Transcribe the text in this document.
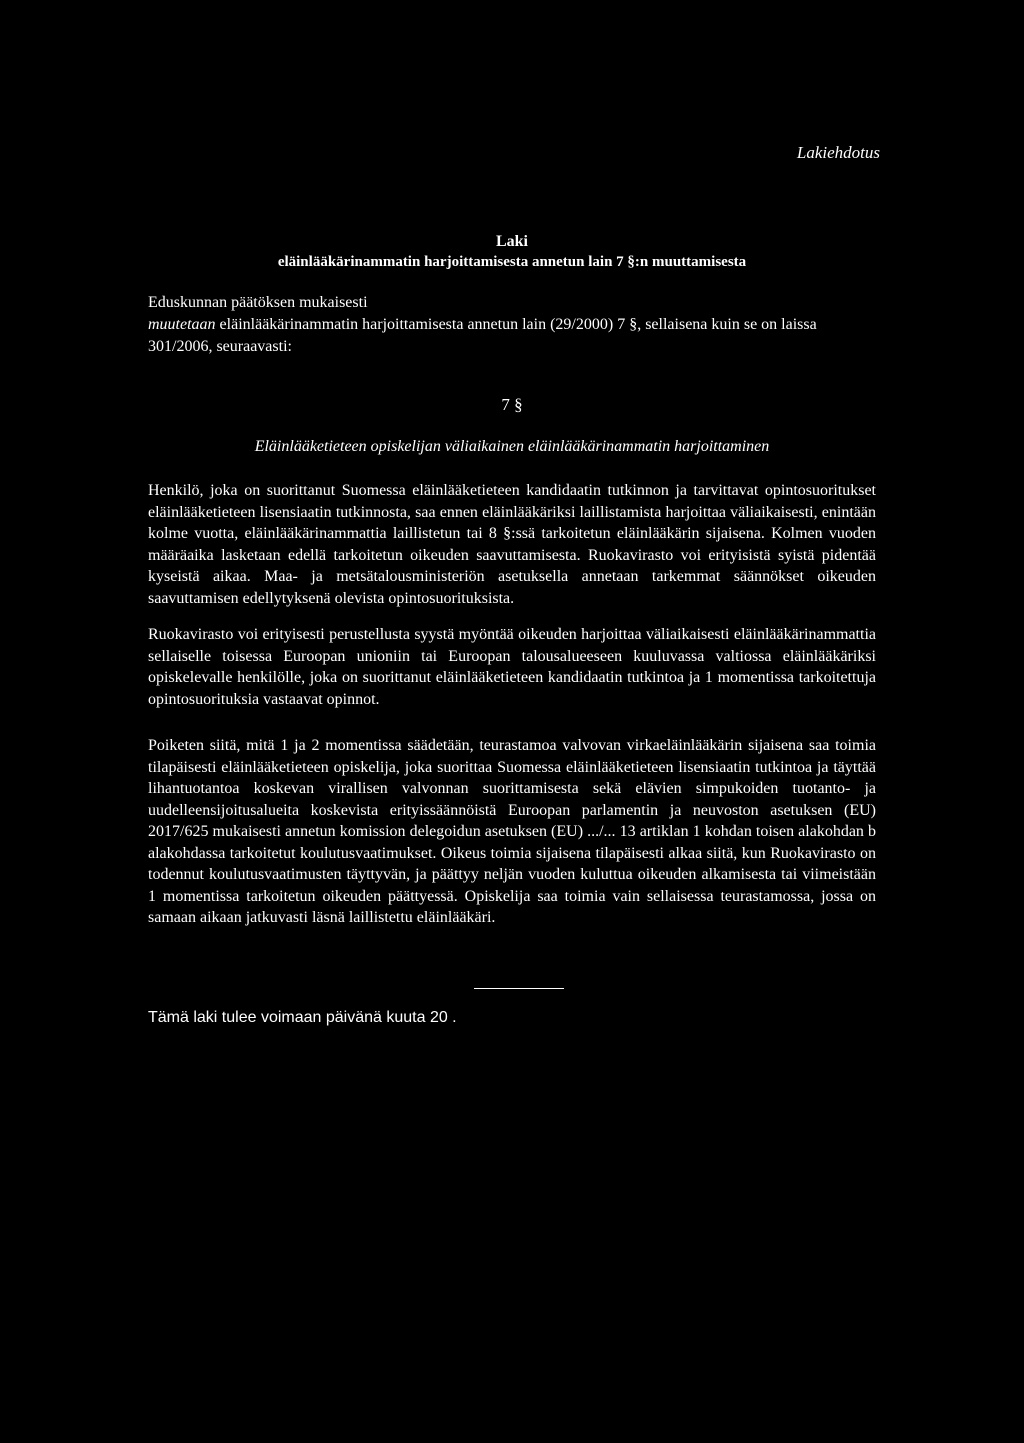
Lakiehdotus
Laki
eläinlääkärinammatin harjoittamisesta annetun lain 7 §:n muuttamisesta
Eduskunnan päätöksen mukaisesti
muutetaan eläinlääkärinammatin harjoittamisesta annetun lain (29/2000) 7 §, sellaisena kuin se on laissa 301/2006, seuraavasti:
7 §
Eläinlääketieteen opiskelijan väliaikainen eläinlääkärinammatin harjoittaminen

Henkilö, joka on suorittanut Suomessa eläinlääketieteen kandidaatin tutkinnon ja tarvittavat opintosuoritukset eläinlääketieteen lisensiaatin tutkinnosta, saa ennen eläinlääkäriksi laillistamista harjoittaa väliaikaisesti, enintään kolme vuotta, eläinlääkärinammattia laillistetun tai 8 §:ssä tarkoitetun eläinlääkärin sijaisena. Kolmen vuoden määräaika lasketaan edellä tarkoitetun oikeuden saavuttamisesta. Ruokavirasto voi erityisistä syistä pidentää kyseistä aikaa. Maa- ja metsätalousministeriön asetuksella annetaan tarkemmat säännökset oikeuden saavuttamisen edellytyksenä olevista opintosuorituksista.

Ruokavirasto voi erityisesti perustellusta syystä myöntää oikeuden harjoittaa väliaikaisesti eläinlääkärinammattia sellaiselle toisessa Euroopan unioniin tai Euroopan talousalueeseen kuuluvassa valtiossa eläinlääkäriksi opiskelevalle henkilölle, joka on suorittanut eläinlääketieteen kandidaatin tutkintoa ja 1 momentissa tarkoitettuja opintosuorituksia vastaavat opinnot.

Poiketen siitä, mitä 1 ja 2 momentissa säädetään, teurastamoa valvovan virkaeläinlääkärin sijaisena saa toimia tilapäisesti eläinlääketieteen opiskelija, joka suorittaa Suomessa eläinlääketieteen lisensiaatin tutkintoa ja täyttää lihantuotantoa koskevan virallisen valvonnan suorittamisesta sekä elävien simpukoiden tuotanto- ja uudelleensijoitusalueita koskevista erityissäännöistä Euroopan parlamentin ja neuvoston asetuksen (EU) 2017/625 mukaisesti annetun komission delegoidun asetuksen (EU) .../... 13 artiklan 1 kohdan toisen alakohdan b alakohdassa tarkoitetut koulutusvaatimukset. Oikeus toimia sijaisena tilapäisesti alkaa siitä, kun Ruokavirasto on todennut koulutusvaatimusten täyttyvän, ja päättyy neljän vuoden kuluttua oikeuden alkamisesta tai viimeistään 1 momentissa tarkoitetun oikeuden päättyessä. Opiskelija saa toimia vain sellaisessa teurastamossa, jossa on samaan aikaan jatkuvasti läsnä laillistettu eläinlääkäri.

Tämä laki tulee voimaan päivänä kuuta 20 .
